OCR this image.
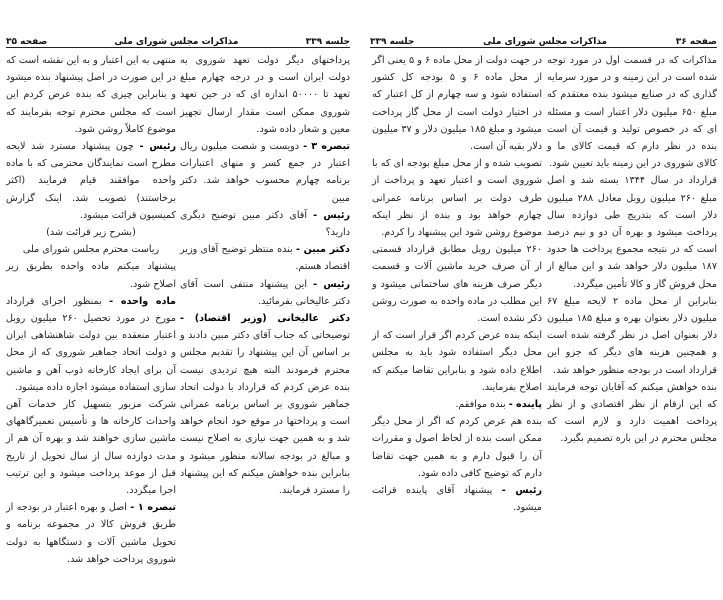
جلسه ۳۳۹
مذاکرات مجلس شورای ملی
صفحه ۳۵

پرداختهای دیگر دولت تعهد شوروی به دولت ایران است و در درجه چهارم مبلغ تعهد تا ۵۰۰۰۰ اندازه ای که در حین تعهد شوروی ممکن است مقدار ارسال تجهیز معین و شعار داده شود.

تبصره ۳ - دویست و شصت میلیون ریال اعتبار در جمع کسر و منهای اعتبارات برنامه چهارم محسوب خواهد شد. دکتر مبین

رئیس - آقای دکتر مبین توضیح دیگری دارید؟

دکتر مبین - بنده منتظر توضیح آقای وزیر اقتصاد هستم.

رئیس - این پیشنهاد منتفی است آقای دکتر عالیخانی بفرمائید.

دکتر عالیخانی (وزیر اقتصاد) - توضیحاتی که جناب آقای دکتر مبین دادند و بر اساس آن این پیشنهاد را تقدیم مجلس محترم فرمودند البته هیچ تردیدی نیست بنده عرض کردم که قرارداد با دولت اتحاد جماهیر شوروی بر اساس برنامه عمرانی است و پرداختها در موقع خود انجام خواهد شد و به همین جهت نیازی به اصلاح نیست و مبالغ در بودجه سالانه منظور میشود و بنابراین بنده خواهش میکنم که این پیشنهاد را مسترد فرمایند.

منتهی به این اعتبار و به این نقشه است که در این صورت در اصل پیشنهاد بنده میشود و بنابراین چیزی که بنده عرض کردم این است که مجلس محترم توجه بفرمایند که موضوع کاملاً روشن شود.

رئیس - چون پیشنهاد مسترد شد لایحه مطرح است نمایندگان محترمی که با ماده واحده موافقند قیام فرمایند (اکثر برخاستند) تصویب شد. اینک گزارش کمیسیون قرائت میشود.

(بشرح زیر قرائت شد)

ریاست محترم مجلس شورای ملی

پیشنهاد میکنم ماده واحده بطریق زیر اصلاح شود.

ماده واحده - بمنظور اجرای قرارداد مورخ در مورد تحصیل ۲۶۰ میلیون روبل اعتبار منعقده بین دولت شاهنشاهی ایران و دولت اتحاد جماهیر شوروی که از محل آن برای ایجاد کارخانه ذوب آهن و ماشین سازی استفاده میشود اجازه داده میشود.

شرکت مزبور بتسهیل کار خدمات آهن واحداث کارخانه ها و تأسیس تعمیرگاههای ماشین سازی خواهند شد و بهره آن هم از مدت دوازده سال از سال تحویل از تاریخ قبل از موعد پرداخت میشود و این ترتیب اجرا میگردد.

تبصره ۱ - اصل و بهره اعتبار در بودجه از طریق فروش کالا در مجموعه برنامه و تحویل ماشین آلات و دستگاهها به دولت شوروی پرداخت خواهد شد.

صفحه ۳۶
مذاکرات مجلس شورای ملی
جلسه ۳۳۹

مذاکرات که در قسمت اول در مورد توجه شده است در این زمینه و در مورد سرمایه گذاری که در صنایع میشود بنده معتقدم که مبلغ ۶۵۰ میلیون دلار اعتبار است و مسئله ای که در خصوص تولید و قیمت آن است بنده در نظر دارم که قیمت کالای ما و کالای شوروی در این زمینه باید تعیین شود.

قرارداد در سال ۱۳۴۴ بسته شد و اصل مبلغ ۲۶۰ میلیون روبل معادل ۲۸۸ میلیون دلار است که بتدریج طی دوازده سال پرداخت میشود و بهره آن دو و نیم درصد است که در نتیجه مجموع پرداخت ها حدود ۱۸۷ میلیون دلار خواهد شد و این مبالغ از محل فروش گاز و کالا تأمین میگردد.

بنابراین از محل ماده ۲ لایحه مبلغ ۶۷ میلیون دلار بعنوان بهره و مبلغ ۱۸۵ میلیون دلار بعنوان اصل در نظر گرفته شده است و همچنین هزینه های دیگر که جزو این قرارداد است در بودجه منظور خواهد شد.

بنده خواهش میکنم که آقایان توجه فرمایند که این ارقام از نظر اقتصادی و از نظر پرداخت اهمیت دارد و لازم است که مجلس محترم در این باره تصمیم بگیرد.

در جهت دولت از محل ماده ۶ و ۵ یعنی اگر از محل ماده ۶ و ۵ بودجه کل کشور استفاده شود و سه چهارم از کل اعتبار که در اختیار دولت است از محل گاز پرداخت میشود و مبلغ ۱۸۵ میلیون دلار و ۳۷ میلیون دلار بقیه آن است.

تصویب شده و از محل مبلغ بودجه ای که با شوروی است و اعتبار تعهد و پرداخت از طرف دولت بر اساس برنامه عمرانی چهارم خواهد بود و بنده از نظر اینکه موضوع روشن شود این پیشنهاد را کردم.

۲۶۰ میلیون روبل مطابق قرارداد قسمتی از آن صرف خرید ماشین آلات و قسمت دیگر صرف هزینه های ساختمانی میشود و این مطلب در ماده واحده به صورت روشن ذکر نشده است.

اینکه بنده عرض کردم اگر قرار است که از محل دیگر استفاده شود باید به مجلس اطلاع داده شود و بنابراین تقاضا میکنم که اصلاح بفرمایند.

پاینده - بنده موافقم.

بنده هم عرض کردم که اگر از محل دیگر ممکن است بنده از لحاظ اصول و مقررات آن را قبول دارم و به همین جهت تقاضا دارم که توضیح کافی داده شود.

رئیس - پیشنهاد آقای پاینده قرائت میشود.
